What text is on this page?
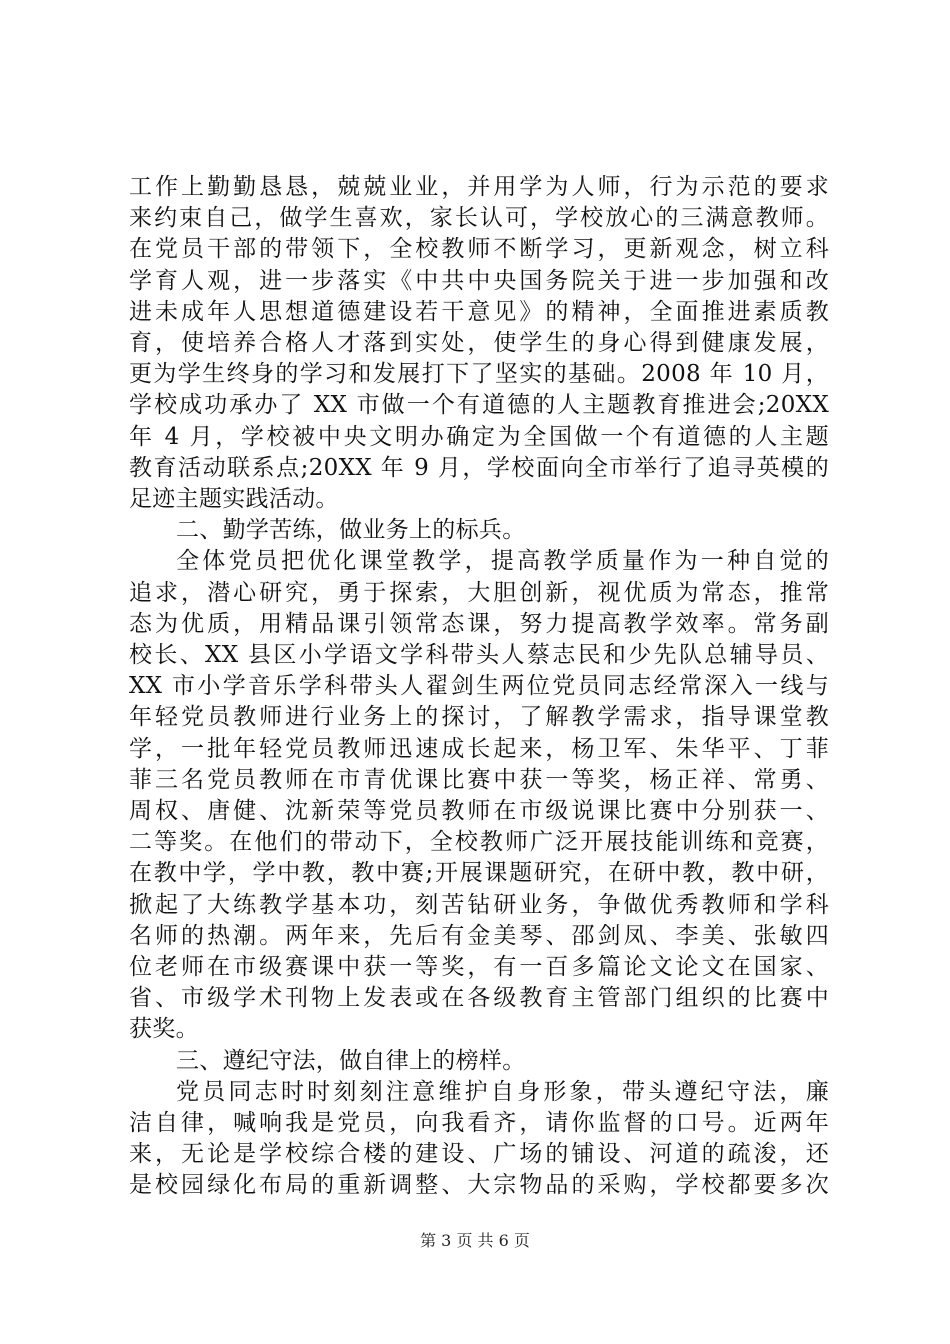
工作上勤勤恳恳，兢兢业业，并用学为人师，行为示范的要求
来约束自己，做学生喜欢，家长认可，学校放心的三满意教师。
在党员干部的带领下，全校教师不断学习，更新观念，树立科
学育人观，进一步落实《中共中央国务院关于进一步加强和改
进未成年人思想道德建设若干意见》的精神，全面推进素质教
育，使培养合格人才落到实处，使学生的身心得到健康发展，
更为学生终身的学习和发展打下了坚实的基础。2008 年 10 月，
学校成功承办了 XX 市做一个有道德的人主题教育推进会;20XX
年 4 月，学校被中央文明办确定为全国做一个有道德的人主题
教育活动联系点;20XX 年 9 月，学校面向全市举行了追寻英模的
足迹主题实践活动。
二、勤学苦练，做业务上的标兵。
全体党员把优化课堂教学，提高教学质量作为一种自觉的
追求，潜心研究，勇于探索，大胆创新，视优质为常态，推常
态为优质，用精品课引领常态课，努力提高教学效率。常务副
校长、XX 县区小学语文学科带头人蔡志民和少先队总辅导员、
XX 市小学音乐学科带头人翟剑生两位党员同志经常深入一线与
年轻党员教师进行业务上的探讨，了解教学需求，指导课堂教
学，一批年轻党员教师迅速成长起来，杨卫军、朱华平、丁菲
菲三名党员教师在市青优课比赛中获一等奖，杨正祥、常勇、
周权、唐健、沈新荣等党员教师在市级说课比赛中分别获一、
二等奖。在他们的带动下，全校教师广泛开展技能训练和竞赛，
在教中学，学中教，教中赛;开展课题研究，在研中教，教中研，
掀起了大练教学基本功，刻苦钻研业务，争做优秀教师和学科
名师的热潮。两年来，先后有金美琴、邵剑凤、李美、张敏四
位老师在市级赛课中获一等奖，有一百多篇论文论文在国家、
省、市级学术刊物上发表或在各级教育主管部门组织的比赛中
获奖。
三、遵纪守法，做自律上的榜样。
党员同志时时刻刻注意维护自身形象，带头遵纪守法，廉
洁自律，喊响我是党员，向我看齐，请你监督的口号。近两年
来，无论是学校综合楼的建设、广场的铺设、河道的疏浚，还
是校园绿化布局的重新调整、大宗物品的采购，学校都要多次
第 3 页 共 6 页
